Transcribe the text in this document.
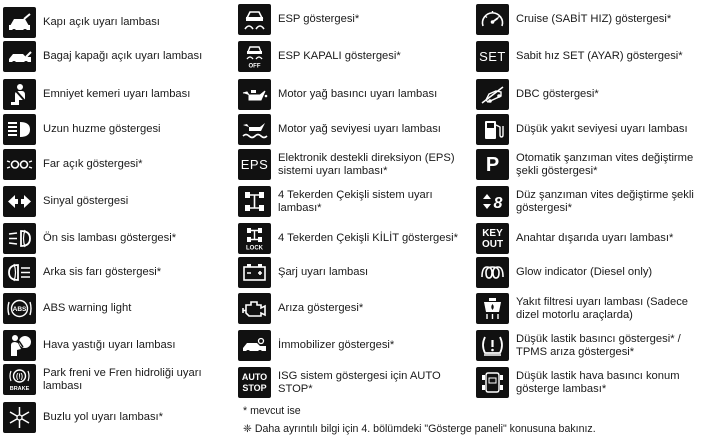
Kapı açık uyarı lambası
Bagaj kapağı açık uyarı lambası
Emniyet kemeri uyarı lambası
Uzun huzme göstergesi
Far açık göstergesi*
Sinyal göstergesi
Ön sis lambası göstergesi*
Arka sis farı göstergesi*
ABS ABS warning light
Hava yastığı uyarı lambası
(!)
BRAKE
Park freni ve Fren hidroliği uyarı lambası
Buzlu yol uyarı lambası*
ESP göstergesi*
OFF
ESP KAPALI göstergesi*
Motor yağ basıncı uyarı lambası
Motor yağ seviyesi uyarı lambası
EPS Elektronik destekli direksiyon (EPS) sistemi uyarı lambası*
4 Tekerden Çekişli sistem uyarı lambası*
LOCK
4 Tekerden Çekişli KİLİT göstergesi*
Şarj uyarı lambası
Arıza göstergesi*
İmmobilizer göstergesi*
AUTO
STOP
ISG sistem göstergesi için AUTO STOP*
Cruise (SABİT HIZ) göstergesi*
SET Sabit hız SET (AYAR) göstergesi*
DBC göstergesi*
Düşük yakıt seviyesi uyarı lambası
P Otomatik şanzıman vites değiştirme şekli göstergesi*
8 Düz şanzıman vites değiştirme şekli göstergesi*
KEY
OUT Anahtar dışarıda uyarı lambası*
Glow indicator (Diesel only)
Yakıt filtresi uyarı lambası (Sadece dizel motorlu araçlarda)
Düşük lastik basıncı göstergesi* / TPMS arıza göstergesi*
Düşük lastik hava basıncı konum gösterge lambası*
* mevcut ise
❈ Daha ayrıntılı bilgi için 4. bölümdeki "Gösterge paneli" konusuna bakınız.
